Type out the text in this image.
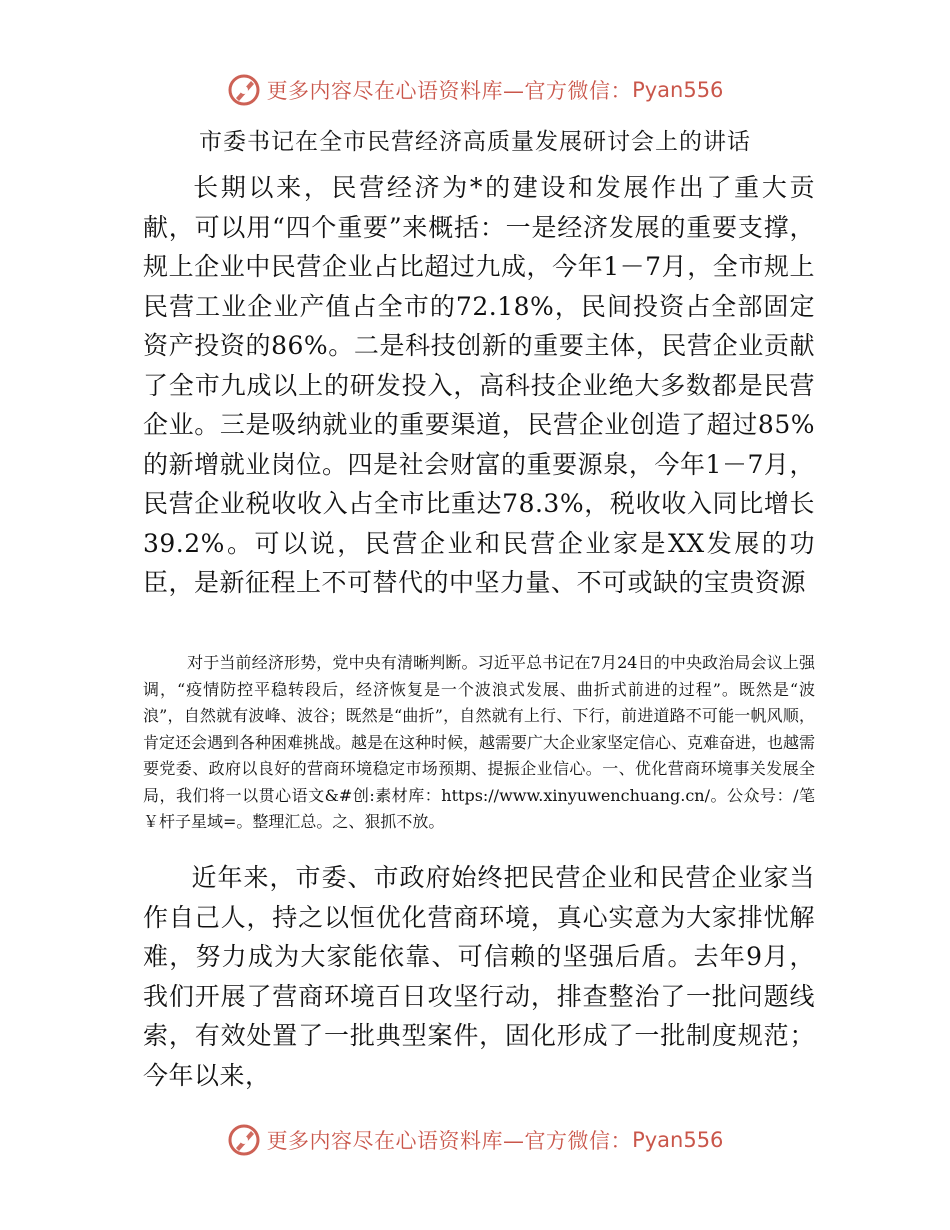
更多内容尽在心语资料库—官方微信： Pyan556
市委书记在全市民营经济高质量发展研讨会上的讲话

长期以来，民营经济为*的建设和发展作出了重大贡献，可以用“四个重要”来概括：一是经济发展的重要支撑，规上企业中民营企业占比超过九成，今年1－7月，全市规上民营工业企业产值占全市的72.18%，民间投资占全部固定资产投资的86%。二是科技创新的重要主体，民营企业贡献了全市九成以上的研发投入，高科技企业绝大多数都是民营企业。三是吸纳就业的重要渠道，民营企业创造了超过85%的新增就业岗位。四是社会财富的重要源泉，今年1－7月，民营企业税收收入占全市比重达78.3%，税收收入同比增长39.2%。可以说，民营企业和民营企业家是XX发展的功臣，是新征程上不可替代的中坚力量、不可或缺的宝贵资源

对于当前经济形势，党中央有清晰判断。习近平总书记在7月24日的中央政治局会议上强调，“疫情防控平稳转段后，经济恢复是一个波浪式发展、曲折式前进的过程”。既然是“波浪”，自然就有波峰、波谷；既然是“曲折”，自然就有上行、下行，前进道路不可能一帆风顺，肯定还会遇到各种困难挑战。越是在这种时候，越需要广大企业家坚定信心、克难奋进，也越需要党委、政府以良好的营商环境稳定市场预期、提振企业信心。一、优化营商环境事关发展全局，我们将一以贯心语文&#创:素材库：https://www.xinyuwenchuang.cn/。公众号：/笔￥杆子星域=。整理汇总。之、狠抓不放。

近年来，市委、市政府始终把民营企业和民营企业家当作自己人，持之以恒优化营商环境，真心实意为大家排忧解难，努力成为大家能依靠、可信赖的坚强后盾。去年9月，我们开展了营商环境百日攻坚行动，排查整治了一批问题线索，有效处置了一批典型案件，固化形成了一批制度规范；今年以来，

更多内容尽在心语资料库—官方微信： Pyan556
